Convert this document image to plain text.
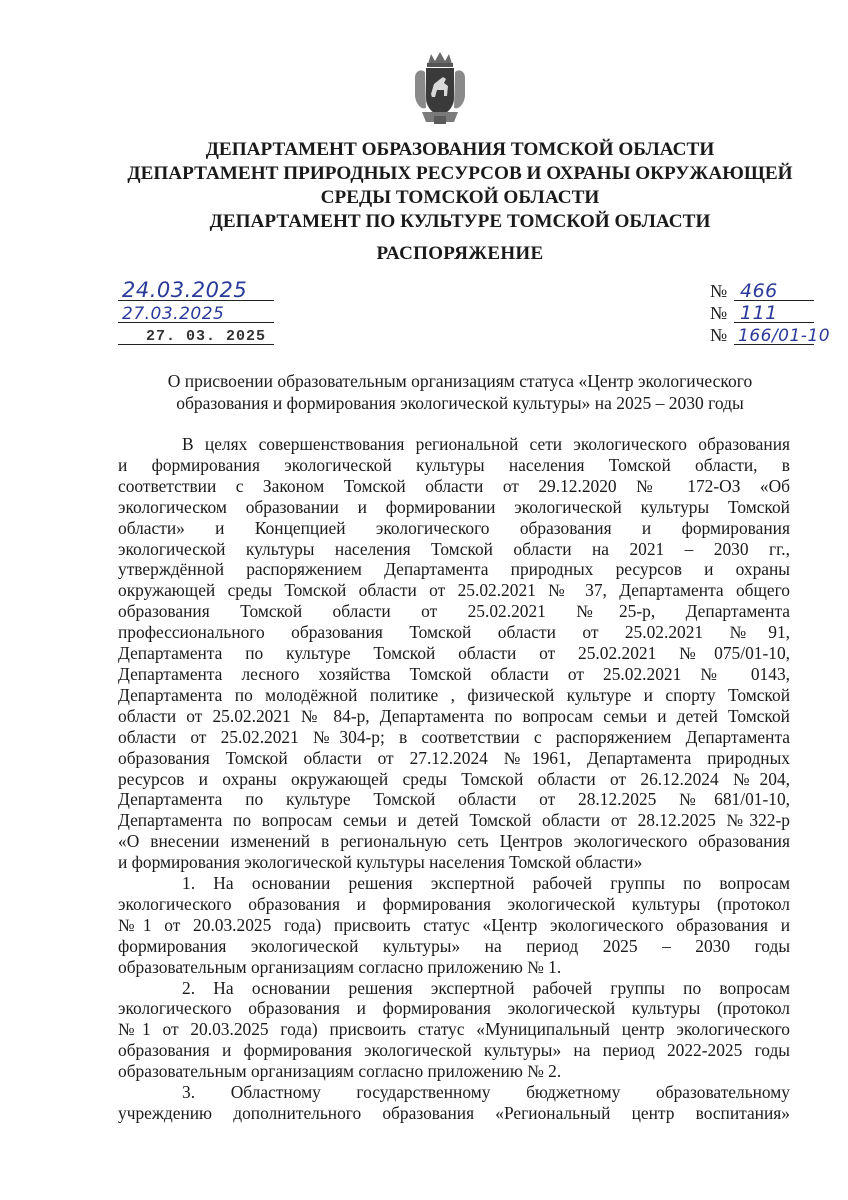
ДЕПАРТАМЕНТ ОБРАЗОВАНИЯ ТОМСКОЙ ОБЛАСТИ
ДЕПАРТАМЕНТ ПРИРОДНЫХ РЕСУРСОВ И ОХРАНЫ ОКРУЖАЮЩЕЙ
СРЕДЫ ТОМСКОЙ ОБЛАСТИ
ДЕПАРТАМЕНТ ПО КУЛЬТУРЕ ТОМСКОЙ ОБЛАСТИ
РАСПОРЯЖЕНИЕ
24.03.2025
27.03.2025
27. 03. 2025
№ 466
№ 111
№ 166/01-10
О присвоении образовательным организациям статуса «Центр экологического
образования и формирования экологической культуры» на 2025 – 2030 годы
В целях совершенствования региональной сети экологического образования
и формирования экологической культуры населения Томской области, в
соответствии с Законом Томской области от 29.12.2020 № 172-ОЗ «Об
экологическом образовании и формировании экологической культуры Томской
области» и Концепцией экологического образования и формирования
экологической культуры населения Томской области на 2021 – 2030 гг.,
утверждённой распоряжением Департамента природных ресурсов и охраны
окружающей среды Томской области от 25.02.2021 № 37, Департамента общего
образования Томской области от 25.02.2021 №25-р, Департамента
профессионального образования Томской области от 25.02.2021 №91,
Департамента по культуре Томской области от 25.02.2021 №075/01-10,
Департамента лесного хозяйства Томской области от 25.02.2021 № 0143,
Департамента по молодёжной политике , физической культуре и спорту Томской
области от 25.02.2021 № 84-р, Департамента по вопросам семьи и детей Томской
области от 25.02.2021 №304-р; в соответствии с распоряжением Департамента
образования Томской области от 27.12.2024 №1961, Департамента природных
ресурсов и охраны окружающей среды Томской области от 26.12.2024 №204,
Департамента по культуре Томской области от 28.12.2025 №681/01-10,
Департамента по вопросам семьи и детей Томской области от 28.12.2025 №322-р
«О внесении изменений в региональную сеть Центров экологического образования
и формирования экологической культуры населения Томской области»
1. На основании решения экспертной рабочей группы по вопросам
экологического образования и формирования экологической культуры (протокол
№1 от 20.03.2025 года) присвоить статус «Центр экологического образования и
формирования экологической культуры» на период 2025 – 2030 годы
образовательным организациям согласно приложению № 1.
2. На основании решения экспертной рабочей группы по вопросам
экологического образования и формирования экологической культуры (протокол
№1 от 20.03.2025 года) присвоить статус «Муниципальный центр экологического
образования и формирования экологической культуры» на период 2022-2025 годы
образовательным организациям согласно приложению № 2.
3. Областному государственному бюджетному образовательному
учреждению дополнительного образования «Региональный центр воспитания»
